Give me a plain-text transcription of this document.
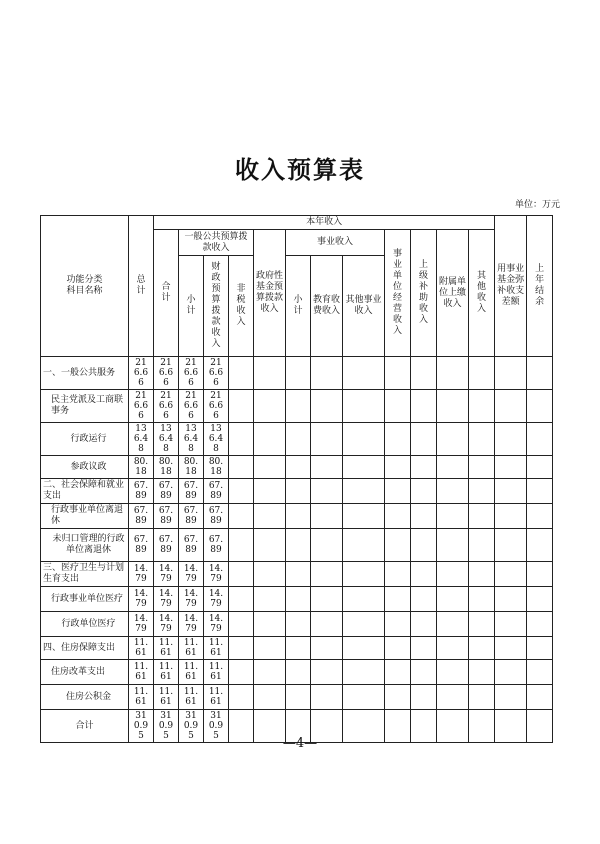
收入预算表
单位：万元
功能分类
科目名称	总计	本年收入												用事业基金弥补收支差额	上年结余
		合计	一般公共预算拨款收入			政府性基金预算拨款收入	事业收入			事业单位经营收入	上级补助收入	附属单位上缴收入	其他收入		
			小计	财政预算拨款收入	非税收入		小计	教育收费收入	其他事业收入						

一、一般公共服务	216.66	216.66	216.66	216.66											
民主党派及工商联事务	216.66	216.66	216.66	216.66											
行政运行	136.48	136.48	136.48	136.48											
参政议政	80.18	80.18	80.18	80.18											
二、社会保障和就业支出	67.89	67.89	67.89	67.89											
行政事业单位离退休	67.89	67.89	67.89	67.89											
未归口管理的行政单位离退休	67.89	67.89	67.89	67.89											
三、医疗卫生与计划生育支出	14.79	14.79	14.79	14.79											
行政事业单位医疗	14.79	14.79	14.79	14.79											
行政单位医疗	14.79	14.79	14.79	14.79											
四、住房保障支出	11.61	11.61	11.61	11.61											
住房改革支出	11.61	11.61	11.61	11.61											
住房公积金	11.61	11.61	11.61	11.61											
合计	310.95	310.95	310.95	310.95												—4—
